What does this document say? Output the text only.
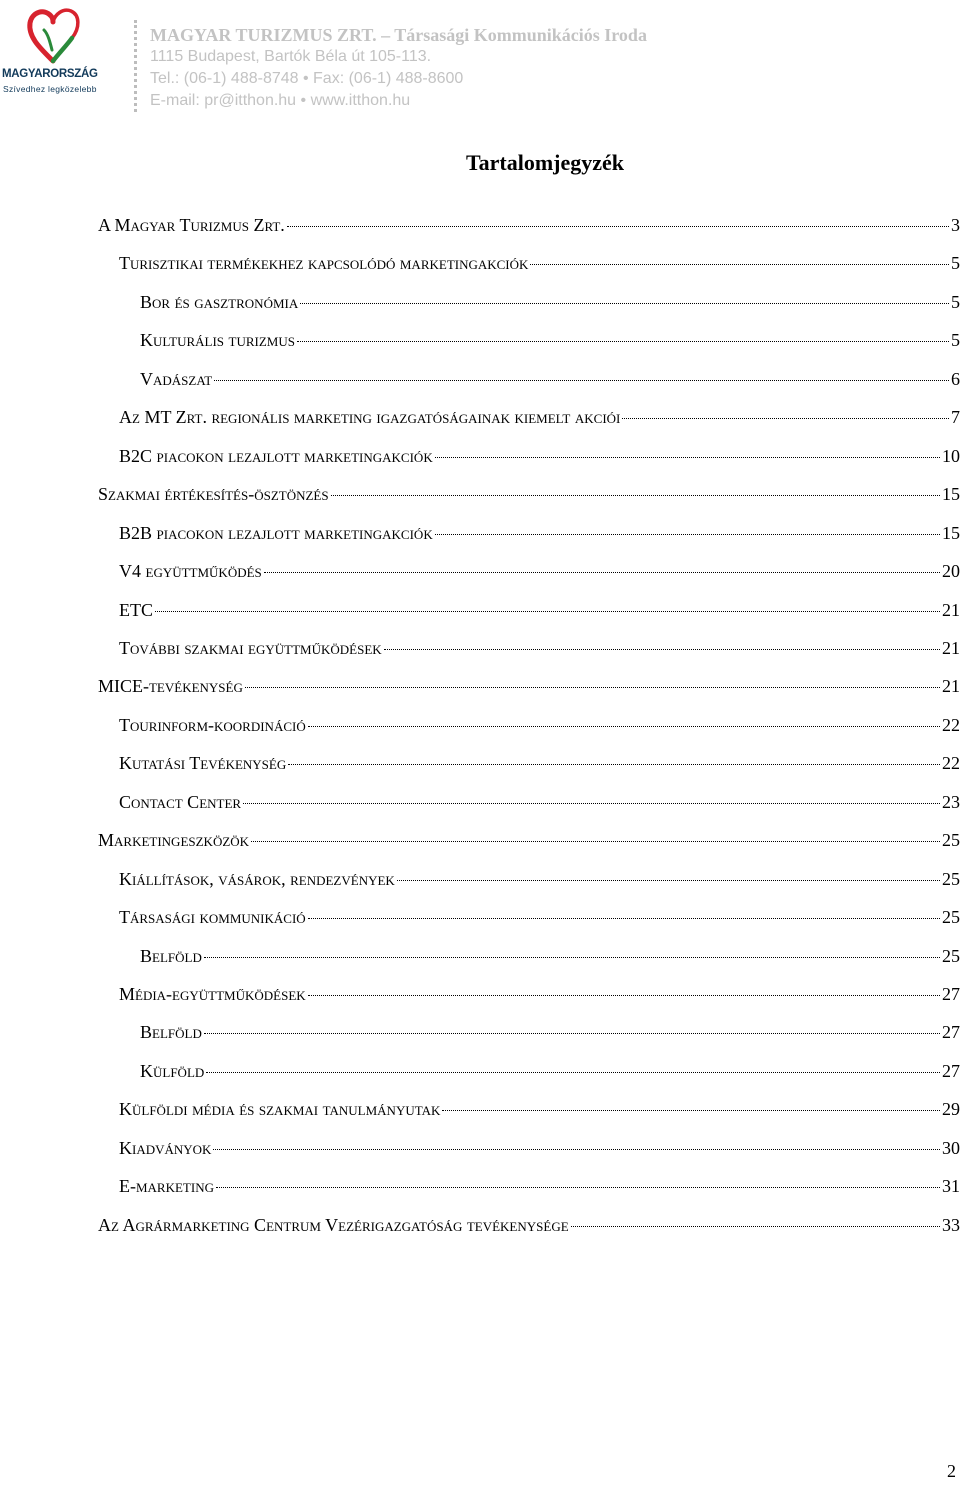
MAGYARORSZÁG
Szívedhez legközelebb
MAGYAR TURIZMUS ZRT. – Társasági Kommunikációs Iroda
1115 Budapest, Bartók Béla út 105-113.
Tel.: (06-1) 488-8748 • Fax: (06-1) 488-8600
E-mail: pr@itthon.hu • www.itthon.hu
Tartalomjegyzék
A Magyar Turizmus Zrt.	3
Turisztikai termékekhez kapcsolódó marketingakciók	5
Bor és gasztronómia	5
Kulturális turizmus	5
Vadászat	6
Az MT Zrt. regionális marketing igazgatóságainak kiemelt akciói	7
B2C piacokon lezajlott marketingakciók	10
Szakmai értékesítés-ösztönzés	15
B2B piacokon lezajlott marketingakciók	15
V4 együttműködés	20
ETC	21
További szakmai együttműködések	21
MICE-tevékenység	21
Tourinform-koordináció	22
Kutatási Tevékenység	22
Contact Center	23
Marketingeszközök	25
Kiállítások, vásárok, rendezvények	25
Társasági kommunikáció	25
Belföld	25
Média-együttműködések	27
Belföld	27
Külföld	27
Külföldi média és szakmai tanulmányutak	29
Kiadványok	30
E-marketing	31
Az Agrármarketing Centrum Vezérigazgatóság tevékenysége	33
2
